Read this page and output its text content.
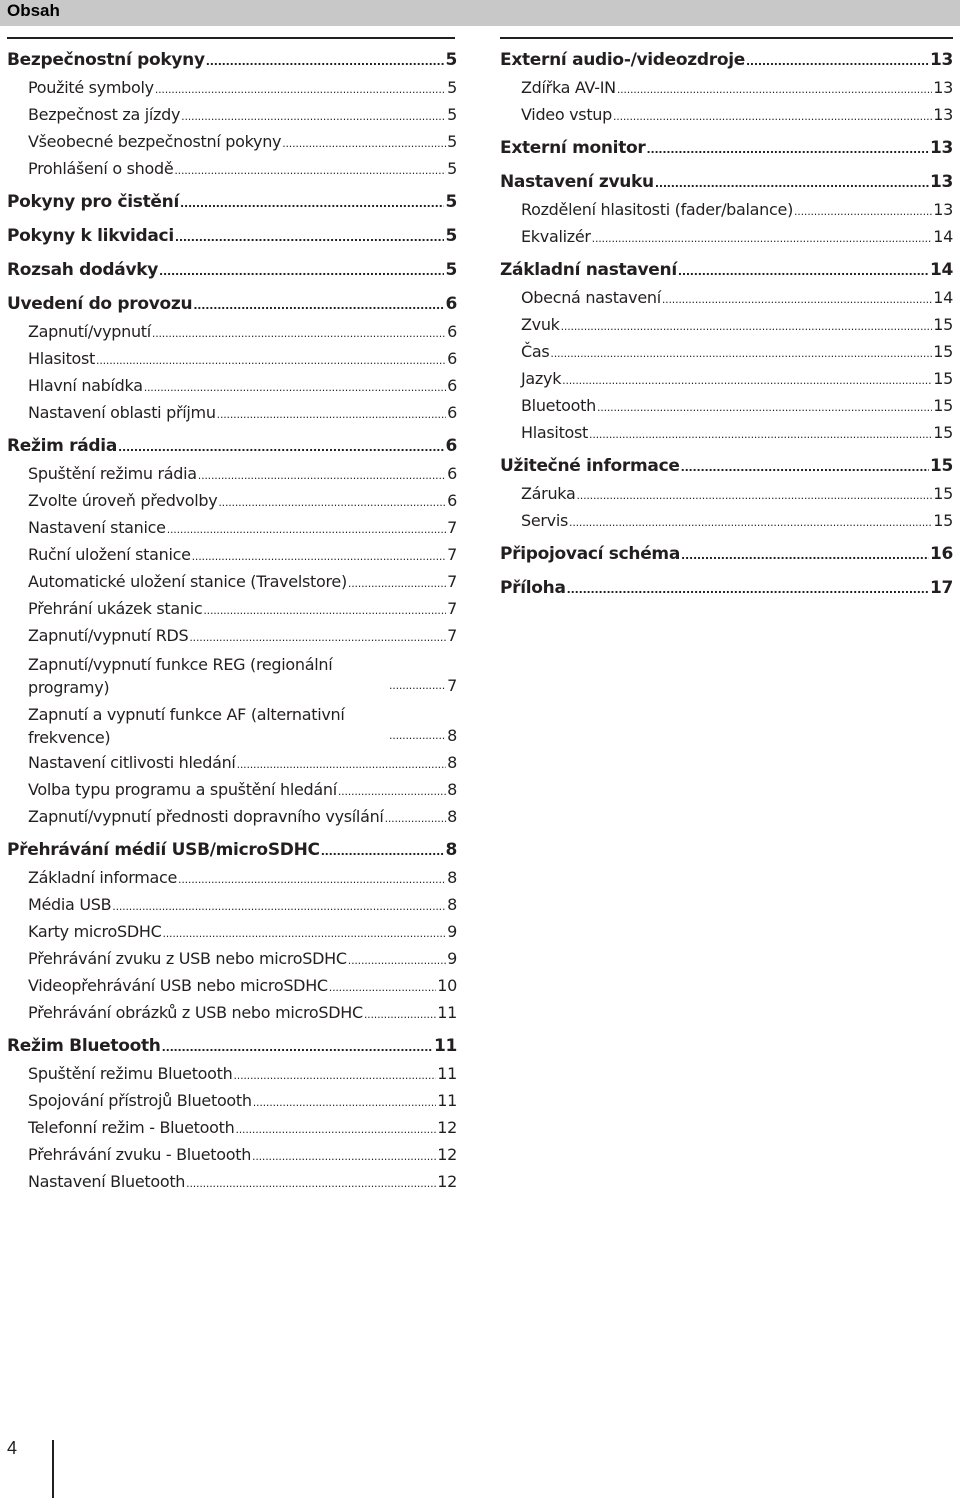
Obsah
Bezpečnostní pokyny .....	5
Použité symboly .....	5
Bezpečnost za jízdy .....	5
Všeobecné bezpečnostní pokyny .....	5
Prohlášení o shodě .....	5
Pokyny pro čistění .....	5
Pokyny k likvidaci .....	5
Rozsah dodávky .....	5
Uvedení do provozu .....	6
Zapnutí/vypnutí .....	6
Hlasitost .....	6
Hlavní nabídka .....	6
Nastavení oblasti příjmu .....	6
Režim rádia .....	6
Spuštění režimu rádia .....	6
Zvolte úroveň předvolby .....	6
Nastavení stanice .....	7
Ruční uložení stanice .....	7
Automatické uložení stanice (Travelstore) .....	7
Přehrání ukázek stanic .....	7
Zapnutí/vypnutí RDS .....	7
Zapnutí/vypnutí funkce REG (regionální programy) .....	7
Zapnutí a vypnutí funkce AF (alternativní frekvence) .....	8
Nastavení citlivosti hledání .....	8
Volba typu programu a spuštění hledání .....	8
Zapnutí/vypnutí přednosti dopravního vysílání .....	8
Přehrávání médií USB/microSDHC .....	8
Základní informace .....	8
Média USB .....	8
Karty microSDHC .....	9
Přehrávání zvuku z USB nebo microSDHC .....	9
Videopřehrávání USB nebo microSDHC .....	10
Přehrávání obrázků z USB nebo microSDHC .....	11
Režim Bluetooth .....	11
Spuštění režimu Bluetooth .....	11
Spojování přístrojů Bluetooth .....	11
Telefonní režim - Bluetooth .....	12
Přehrávání zvuku - Bluetooth .....	12
Nastavení Bluetooth .....	12
Externí audio-/videozdroje .....	13
Zdířka AV-IN .....	13
Video vstup .....	13
Externí monitor .....	13
Nastavení zvuku .....	13
Rozdělení hlasitosti (fader/balance) .....	13
Ekvalizér .....	14
Základní nastavení .....	14
Obecná nastavení .....	14
Zvuk .....	15
Čas .....	15
Jazyk .....	15
Bluetooth .....	15
Hlasitost .....	15
Užitečné informace .....	15
Záruka .....	15
Servis .....	15
Připojovací schéma .....	16
Příloha .....	17
4
